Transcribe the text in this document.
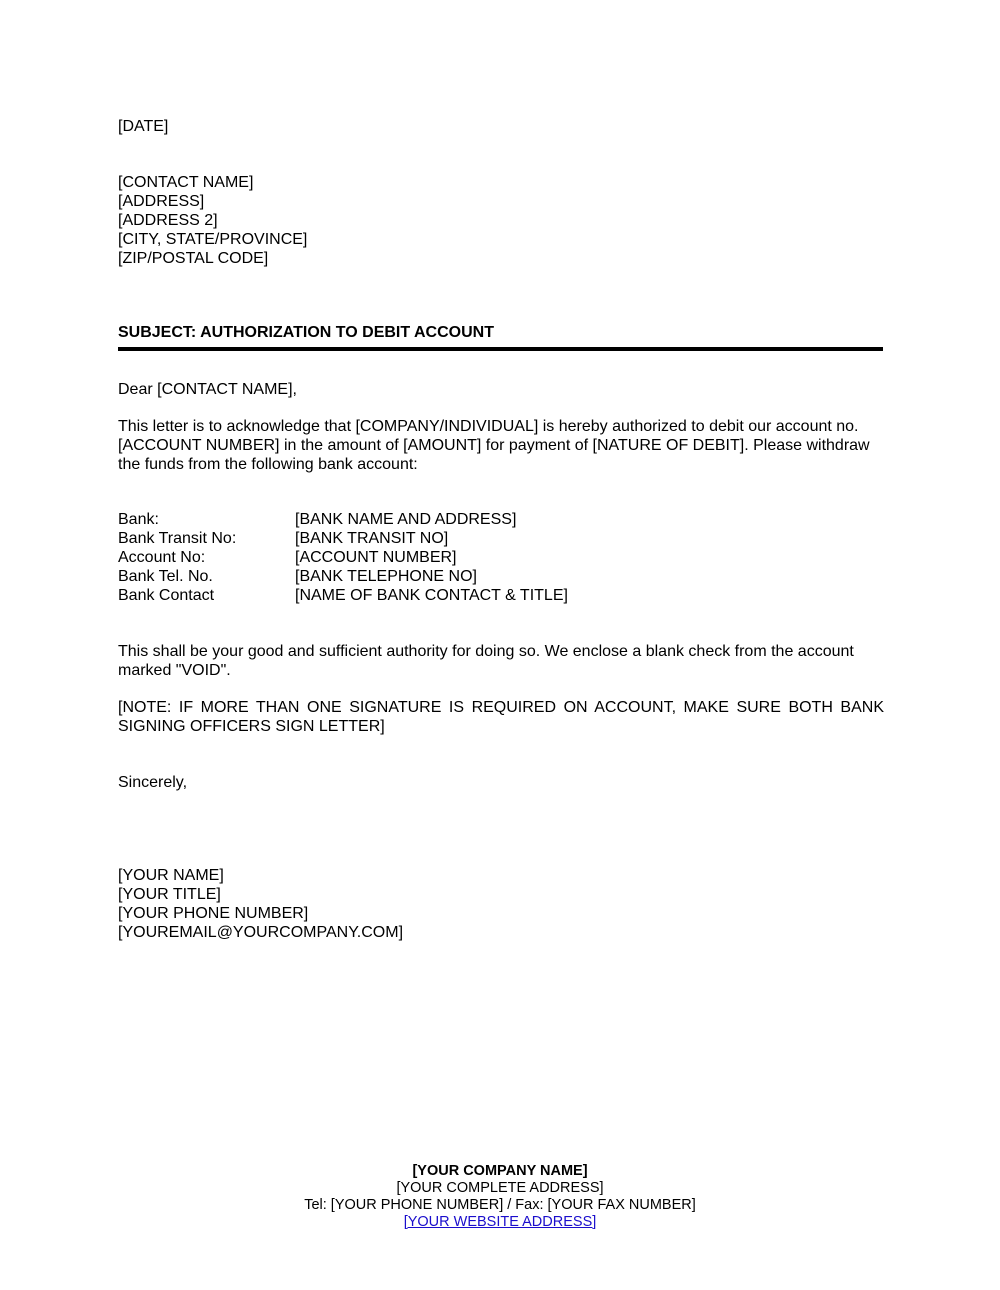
[DATE]
[CONTACT NAME]
[ADDRESS]
[ADDRESS 2]
[CITY, STATE/PROVINCE]
[ZIP/POSTAL CODE]
SUBJECT: AUTHORIZATION TO DEBIT ACCOUNT
Dear [CONTACT NAME],
This letter is to acknowledge that [COMPANY/INDIVIDUAL] is hereby authorized to debit our account no. [ACCOUNT NUMBER] in the amount of [AMOUNT] for payment of [NATURE OF DEBIT]. Please withdraw the funds from the following bank account:
Bank:	[BANK NAME AND ADDRESS]
Bank Transit No:	[BANK TRANSIT NO]
Account No:	[ACCOUNT NUMBER]
Bank Tel. No.	[BANK TELEPHONE NO]
Bank Contact	[NAME OF BANK CONTACT & TITLE]
This shall be your good and sufficient authority for doing so. We enclose a blank check from the account marked "VOID".
[NOTE: IF MORE THAN ONE SIGNATURE IS REQUIRED ON ACCOUNT, MAKE SURE BOTH BANK SIGNING OFFICERS SIGN LETTER]
Sincerely,
[YOUR NAME]
[YOUR TITLE]
[YOUR PHONE NUMBER]
[YOUREMAIL@YOURCOMPANY.COM]
[YOUR COMPANY NAME]
[YOUR COMPLETE ADDRESS]
Tel: [YOUR PHONE NUMBER] / Fax: [YOUR FAX NUMBER]
[YOUR WEBSITE ADDRESS]
